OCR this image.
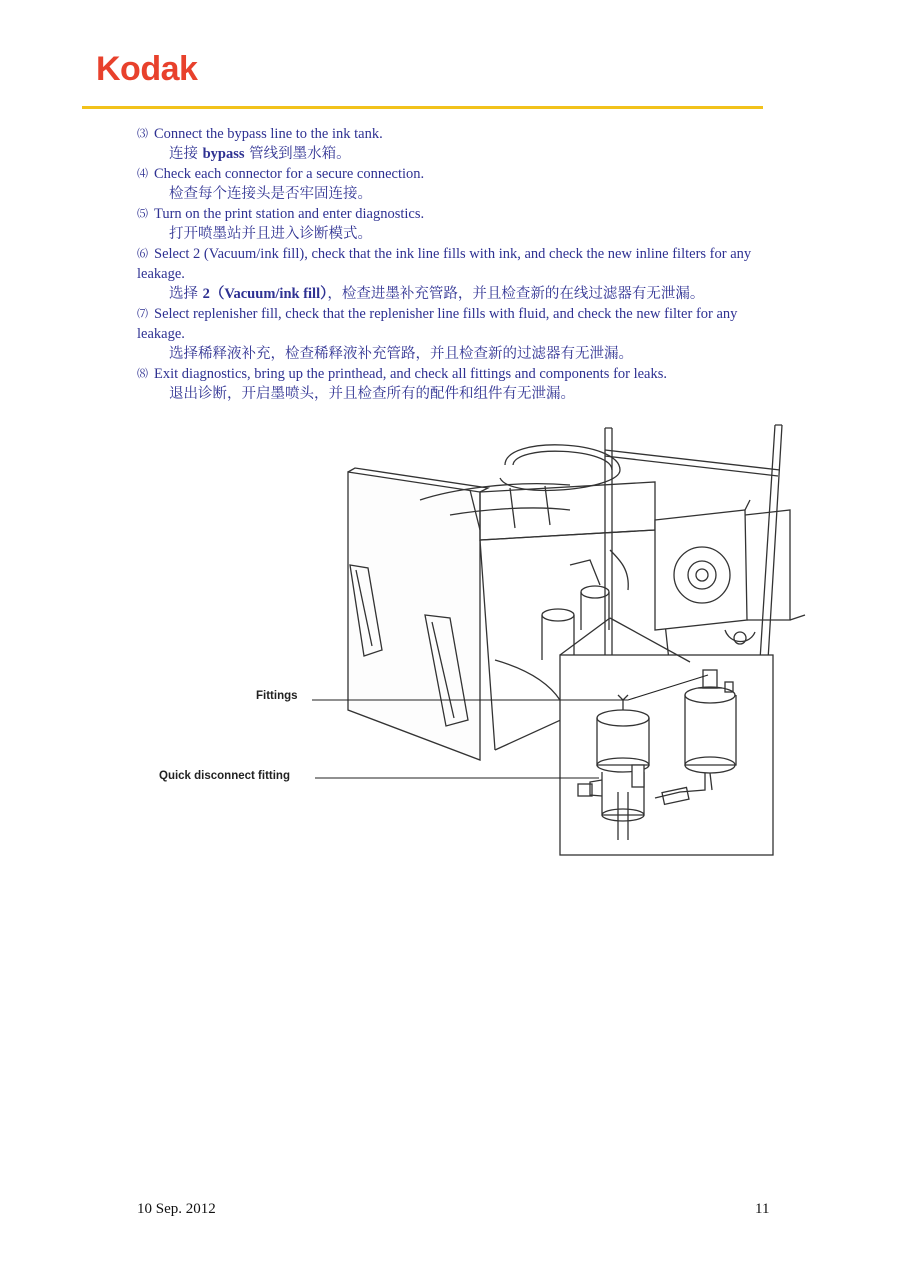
Kodak
⑶ Connect the bypass line to the ink tank.
连接 bypass 管线到墨水箱。
⑷ Check each connector for a secure connection.
检查每个连接头是否牢固连接。
⑸ Turn on the print station and enter diagnostics.
打开喷墨站并且进入诊断模式。
⑹ Select 2 (Vacuum/ink fill), check that the ink line fills with ink, and check the new inline filters for any leakage.
选择 2（Vacuum/ink fill），检查进墨补充管路，并且检查新的在线过滤器有无泄漏。
⑺ Select replenisher fill, check that the replenisher line fills with fluid, and check the new filter for any leakage.
选择稀释液补充，检查稀释液补充管路，并且检查新的过滤器有无泄漏。
⑻ Exit diagnostics, bring up the printhead, and check all fittings and components for leaks.
退出诊断，开启墨喷头，并且检查所有的配件和组件有无泄漏。
Fittings
Quick disconnect fitting
10 Sep. 2012	11
